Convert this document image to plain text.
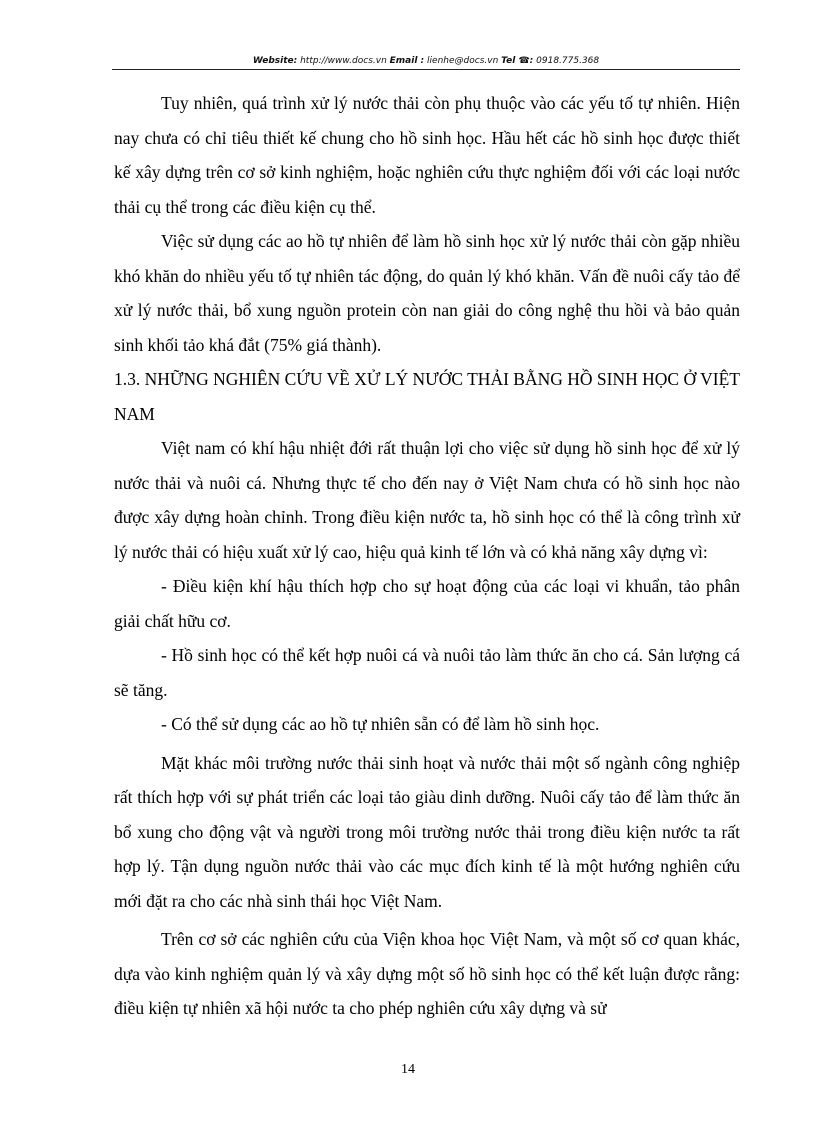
Website: http://www.docs.vn Email : lienhe@docs.vn Tel ☎: 0918.775.368

Tuy nhiên, quá trình xử lý nước thải còn phụ thuộc vào các yếu tố tự nhiên. Hiện nay chưa có chỉ tiêu thiết kế chung cho hồ sinh học. Hầu hết các hồ sinh học được thiết kế xây dựng trên cơ sở kinh nghiệm, hoặc nghiên cứu thực nghiệm đối với các loại nước thải cụ thể trong các điều kiện cụ thể.

Việc sử dụng các ao hồ tự nhiên để làm hồ sinh học xử lý nước thải còn gặp nhiều khó khăn do nhiều yếu tố tự nhiên tác động, do quản lý khó khăn. Vấn đề nuôi cấy tảo để xử lý nước thải, bổ xung nguồn protein còn nan giải do công nghệ thu hồi và bảo quản sinh khối tảo khá đắt (75% giá thành).

1.3. NHỮNG NGHIÊN CỨU VỀ XỬ LÝ NƯỚC THẢI BẰNG HỒ SINH HỌC Ở VIỆT NAM

Việt nam có khí hậu nhiệt đới rất thuận lợi cho việc sử dụng hồ sinh học để xử lý nước thải và nuôi cá. Nhưng thực tế cho đến nay ở Việt Nam chưa có hồ sinh học nào được xây dựng hoàn chỉnh. Trong điều kiện nước ta, hồ sinh học có thể là công trình xử lý nước thải có hiệu xuất xử lý cao, hiệu quả kinh tế lớn và có khả năng xây dựng vì:

- Điều kiện khí hậu thích hợp cho sự hoạt động của các loại vi khuẩn, tảo phân giải chất hữu cơ.

- Hồ sinh học có thể kết hợp nuôi cá và nuôi tảo làm thức ăn cho cá. Sản lượng cá sẽ tăng.

- Có thể sử dụng các ao hồ tự nhiên sẵn có để làm hồ sinh học.

Mặt khác môi trường nước thải sinh hoạt và nước thải một số ngành công nghiệp rất thích hợp với sự phát triển các loại tảo giàu dinh dưỡng. Nuôi cấy tảo để làm thức ăn bổ xung cho động vật và người trong môi trường nước thải trong điều kiện nước ta rất hợp lý. Tận dụng nguồn nước thải vào các mục đích kinh tế là một hướng nghiên cứu mới đặt ra cho các nhà sinh thái học Việt Nam.

Trên cơ sở các nghiên cứu của Viện khoa học Việt Nam, và một số cơ quan khác, dựa vào kinh nghiệm quản lý và xây dựng một số hồ sinh học có thể kết luận được rằng: điều kiện tự nhiên xã hội nước ta cho phép nghiên cứu xây dựng và sử

14
